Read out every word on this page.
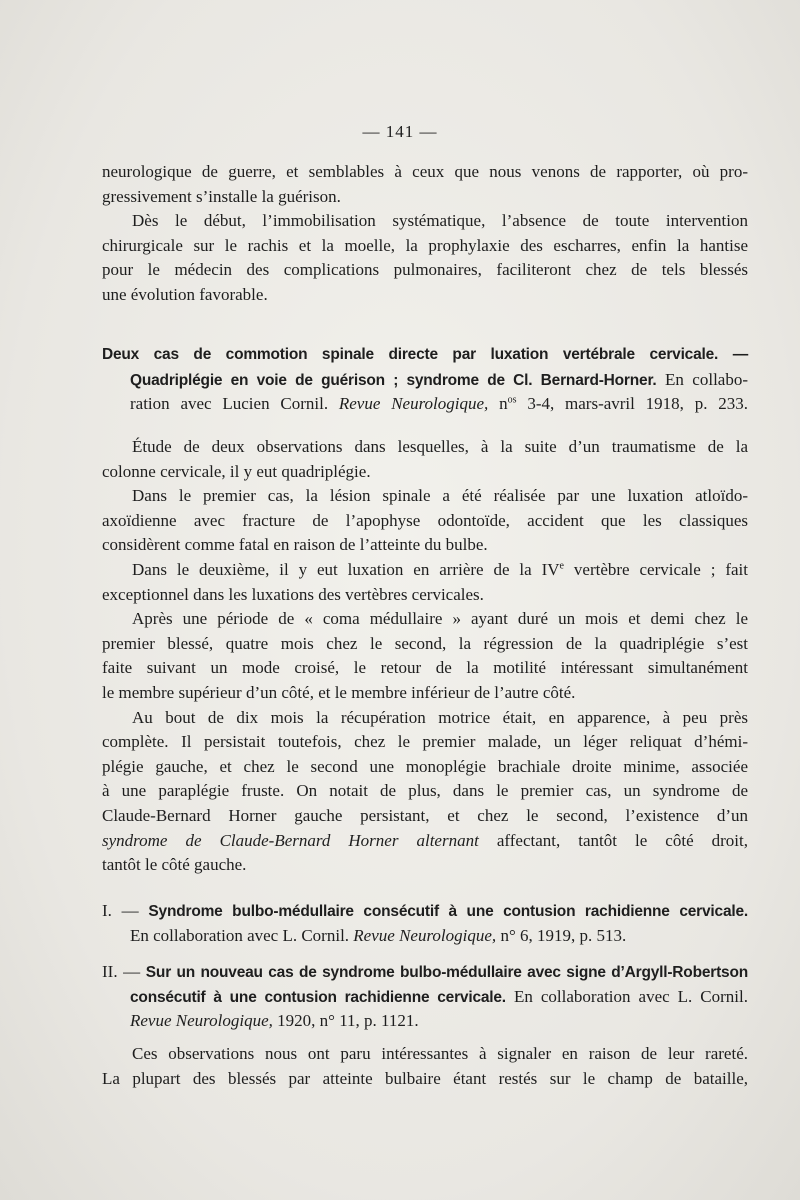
— 141 —
neurologique de guerre, et semblables à ceux que nous venons de rapporter, où pro-
gressivement s’installe la guérison.
Dès le début, l’immobilisation systématique, l’absence de toute intervention
chirurgicale sur le rachis et la moelle, la prophylaxie des escharres, enfin la hantise
pour le médecin des complications pulmonaires, faciliteront chez de tels blessés
une évolution favorable.
Deux cas de commotion spinale directe par luxation vertébrale cervicale. —
Quadriplégie en voie de guérison ; syndrome de Cl. Bernard-Horner. En collabo-
ration avec Lucien Cornil. Revue Neurologique, $n^{os}$ 3-4, mars-avril 1918, p. 233.
Étude de deux observations dans lesquelles, à la suite d’un traumatisme de la
colonne cervicale, il y eut quadriplégie.
Dans le premier cas, la lésion spinale a été réalisée par une luxation atloïdo-
axoïdienne avec fracture de l’apophyse odontoïde, accident que les classiques
considèrent comme fatal en raison de l’atteinte du bulbe.
Dans le deuxième, il y eut luxation en arrière de la IVe vertèbre cervicale ; fait
exceptionnel dans les luxations des vertèbres cervicales.
Après une période de « coma médullaire » ayant duré un mois et demi chez le
premier blessé, quatre mois chez le second, la régression de la quadriplégie s’est
faite suivant un mode croisé, le retour de la motilité intéressant simultanément
le membre supérieur d’un côté, et le membre inférieur de l’autre côté.
Au bout de dix mois la récupération motrice était, en apparence, à peu près
complète. Il persistait toutefois, chez le premier malade, un léger reliquat d’hémi-
plégie gauche, et chez le second une monoplégie brachiale droite minime, associée
à une paraplégie fruste. On notait de plus, dans le premier cas, un syndrome de
Claude-Bernard Horner gauche persistant, et chez le second, l’existence d’un
syndrome de Claude-Bernard Horner alternant affectant, tantôt le côté droit,
tantôt le côté gauche.
I. — Syndrome bulbo-médullaire consécutif à une contusion rachidienne cervicale.
En collaboration avec L. Cornil. Revue Neurologique, n° 6, 1919, p. 513.
II. — Sur un nouveau cas de syndrome bulbo-médullaire avec signe d’Argyll-Robertson
consécutif à une contusion rachidienne cervicale. En collaboration avec L. Cornil.
Revue Neurologique, 1920, n° 11, p. 1121.
Ces observations nous ont paru intéressantes à signaler en raison de leur rareté.
La plupart des blessés par atteinte bulbaire étant restés sur le champ de bataille,
